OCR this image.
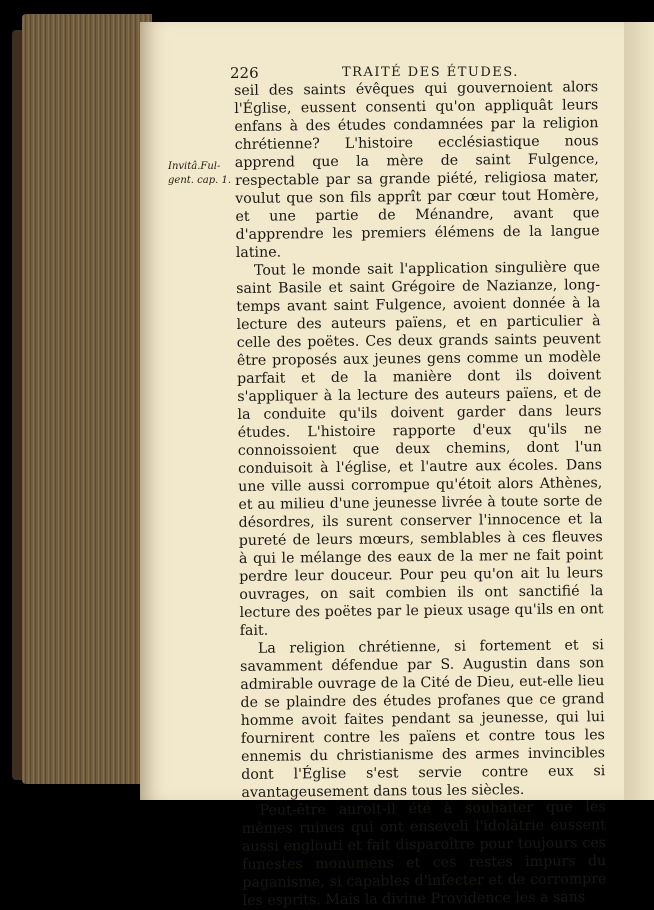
226	TRAITÉ DES ÉTUDES.
Invitâ.Ful- gent. cap. 1.

seil des saints évêques qui gouvernoient alors l'Église, eussent consenti qu'on appliquât leurs enfans à des études condamnées par la religion chrétienne? L'histoire ecclésiastique nous apprend que la mère de saint Fulgence, respectable par sa grande piété, religiosa mater, voulut que son fils apprît par cœur tout Homère, et une partie de Ménandre, avant que d'apprendre les premiers élémens de la langue latine.

Tout le monde sait l'application singulière que saint Basile et saint Grégoire de Nazianze, long-temps avant saint Fulgence, avoient donnée à la lecture des auteurs païens, et en particulier à celle des poëtes. Ces deux grands saints peuvent être proposés aux jeunes gens comme un modèle parfait et de la manière dont ils doivent s'appliquer à la lecture des auteurs païens, et de la conduite qu'ils doivent garder dans leurs études. L'histoire rapporte d'eux qu'ils ne connoissoient que deux chemins, dont l'un conduisoit à l'église, et l'autre aux écoles. Dans une ville aussi corrompue qu'étoit alors Athènes, et au milieu d'une jeunesse livrée à toute sorte de désordres, ils surent conserver l'innocence et la pureté de leurs mœurs, semblables à ces fleuves à qui le mélange des eaux de la mer ne fait point perdre leur douceur. Pour peu qu'on ait lu leurs ouvrages, on sait combien ils ont sanctifié la lecture des poëtes par le pieux usage qu'ils en ont fait.

La religion chrétienne, si fortement et si savamment défendue par S. Augustin dans son admirable ouvrage de la Cité de Dieu, eut-elle lieu de se plaindre des études profanes que ce grand homme avoit faites pendant sa jeunesse, qui lui fournirent contre les païens et contre tous les ennemis du christianisme des armes invincibles dont l'Église s'est servie contre eux si avantageusement dans tous les siècles.

Peut-être auroit-il été à souhaiter que les mêmes ruines qui ont enseveli l'idolâtrie eussent aussi englouti et fait disparoître pour toujours ces funestes monumens et ces restes impurs du paganisme, si capables d'infecter et de corrompre les esprits. Mais la divine Providence les a sans
